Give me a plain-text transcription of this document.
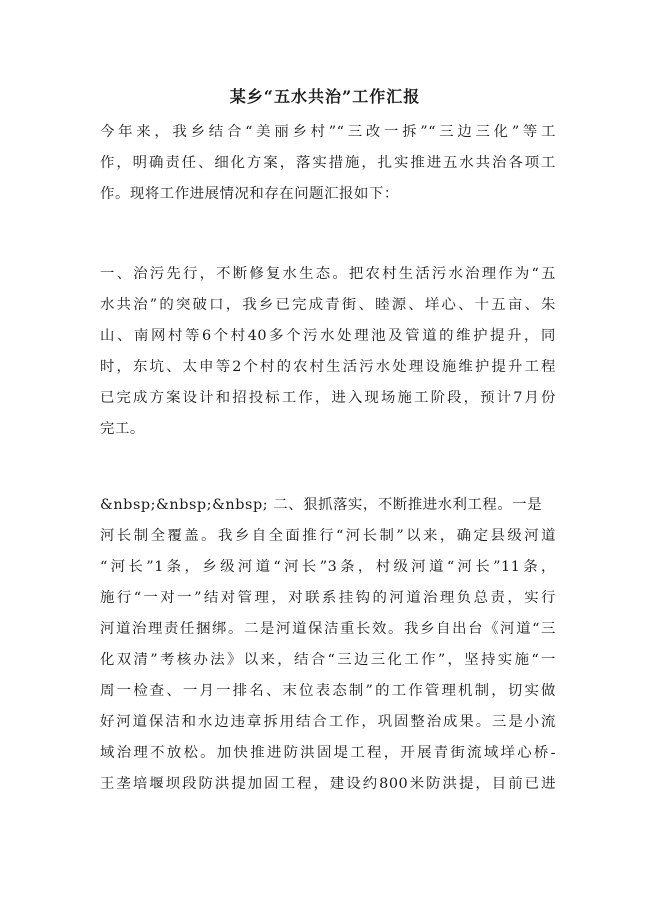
某乡“五水共治”工作汇报
今年来，我乡结合“美丽乡村”“三改一拆”“三边三化”等工
作，明确责任、细化方案，落实措施，扎实推进五水共治各项工
作。现将工作进展情况和存在问题汇报如下：
一、治污先行，不断修复水生态。把农村生活污水治理作为“五
水共治”的突破口，我乡已完成青街、睦源、垟心、十五亩、朱
山、南网村等6个村40多个污水处理池及管道的维护提升，同
时，东坑、太申等2个村的农村生活污水处理设施维护提升工程
已完成方案设计和招投标工作，进入现场施工阶段，预计7月份
完工。
&nbsp;&nbsp;&nbsp; 二、狠抓落实，不断推进水利工程。一是
河长制全覆盖。我乡自全面推行“河长制”以来，确定县级河道
“河长”1条，乡级河道“河长”3条，村级河道“河长”11条，
施行“一对一”结对管理，对联系挂钩的河道治理负总责，实行
河道治理责任捆绑。二是河道保洁重长效。我乡自出台《河道“三
化双清”考核办法》以来，结合“三边三化工作”，坚持实施“一
周一检查、一月一排名、末位表态制”的工作管理机制，切实做
好河道保洁和水边违章拆用结合工作，巩固整治成果。三是小流
域治理不放松。加快推进防洪固堤工程，开展青街流域垟心桥-
王垄培堰坝段防洪提加固工程，建设约800米防洪提，目前已进
